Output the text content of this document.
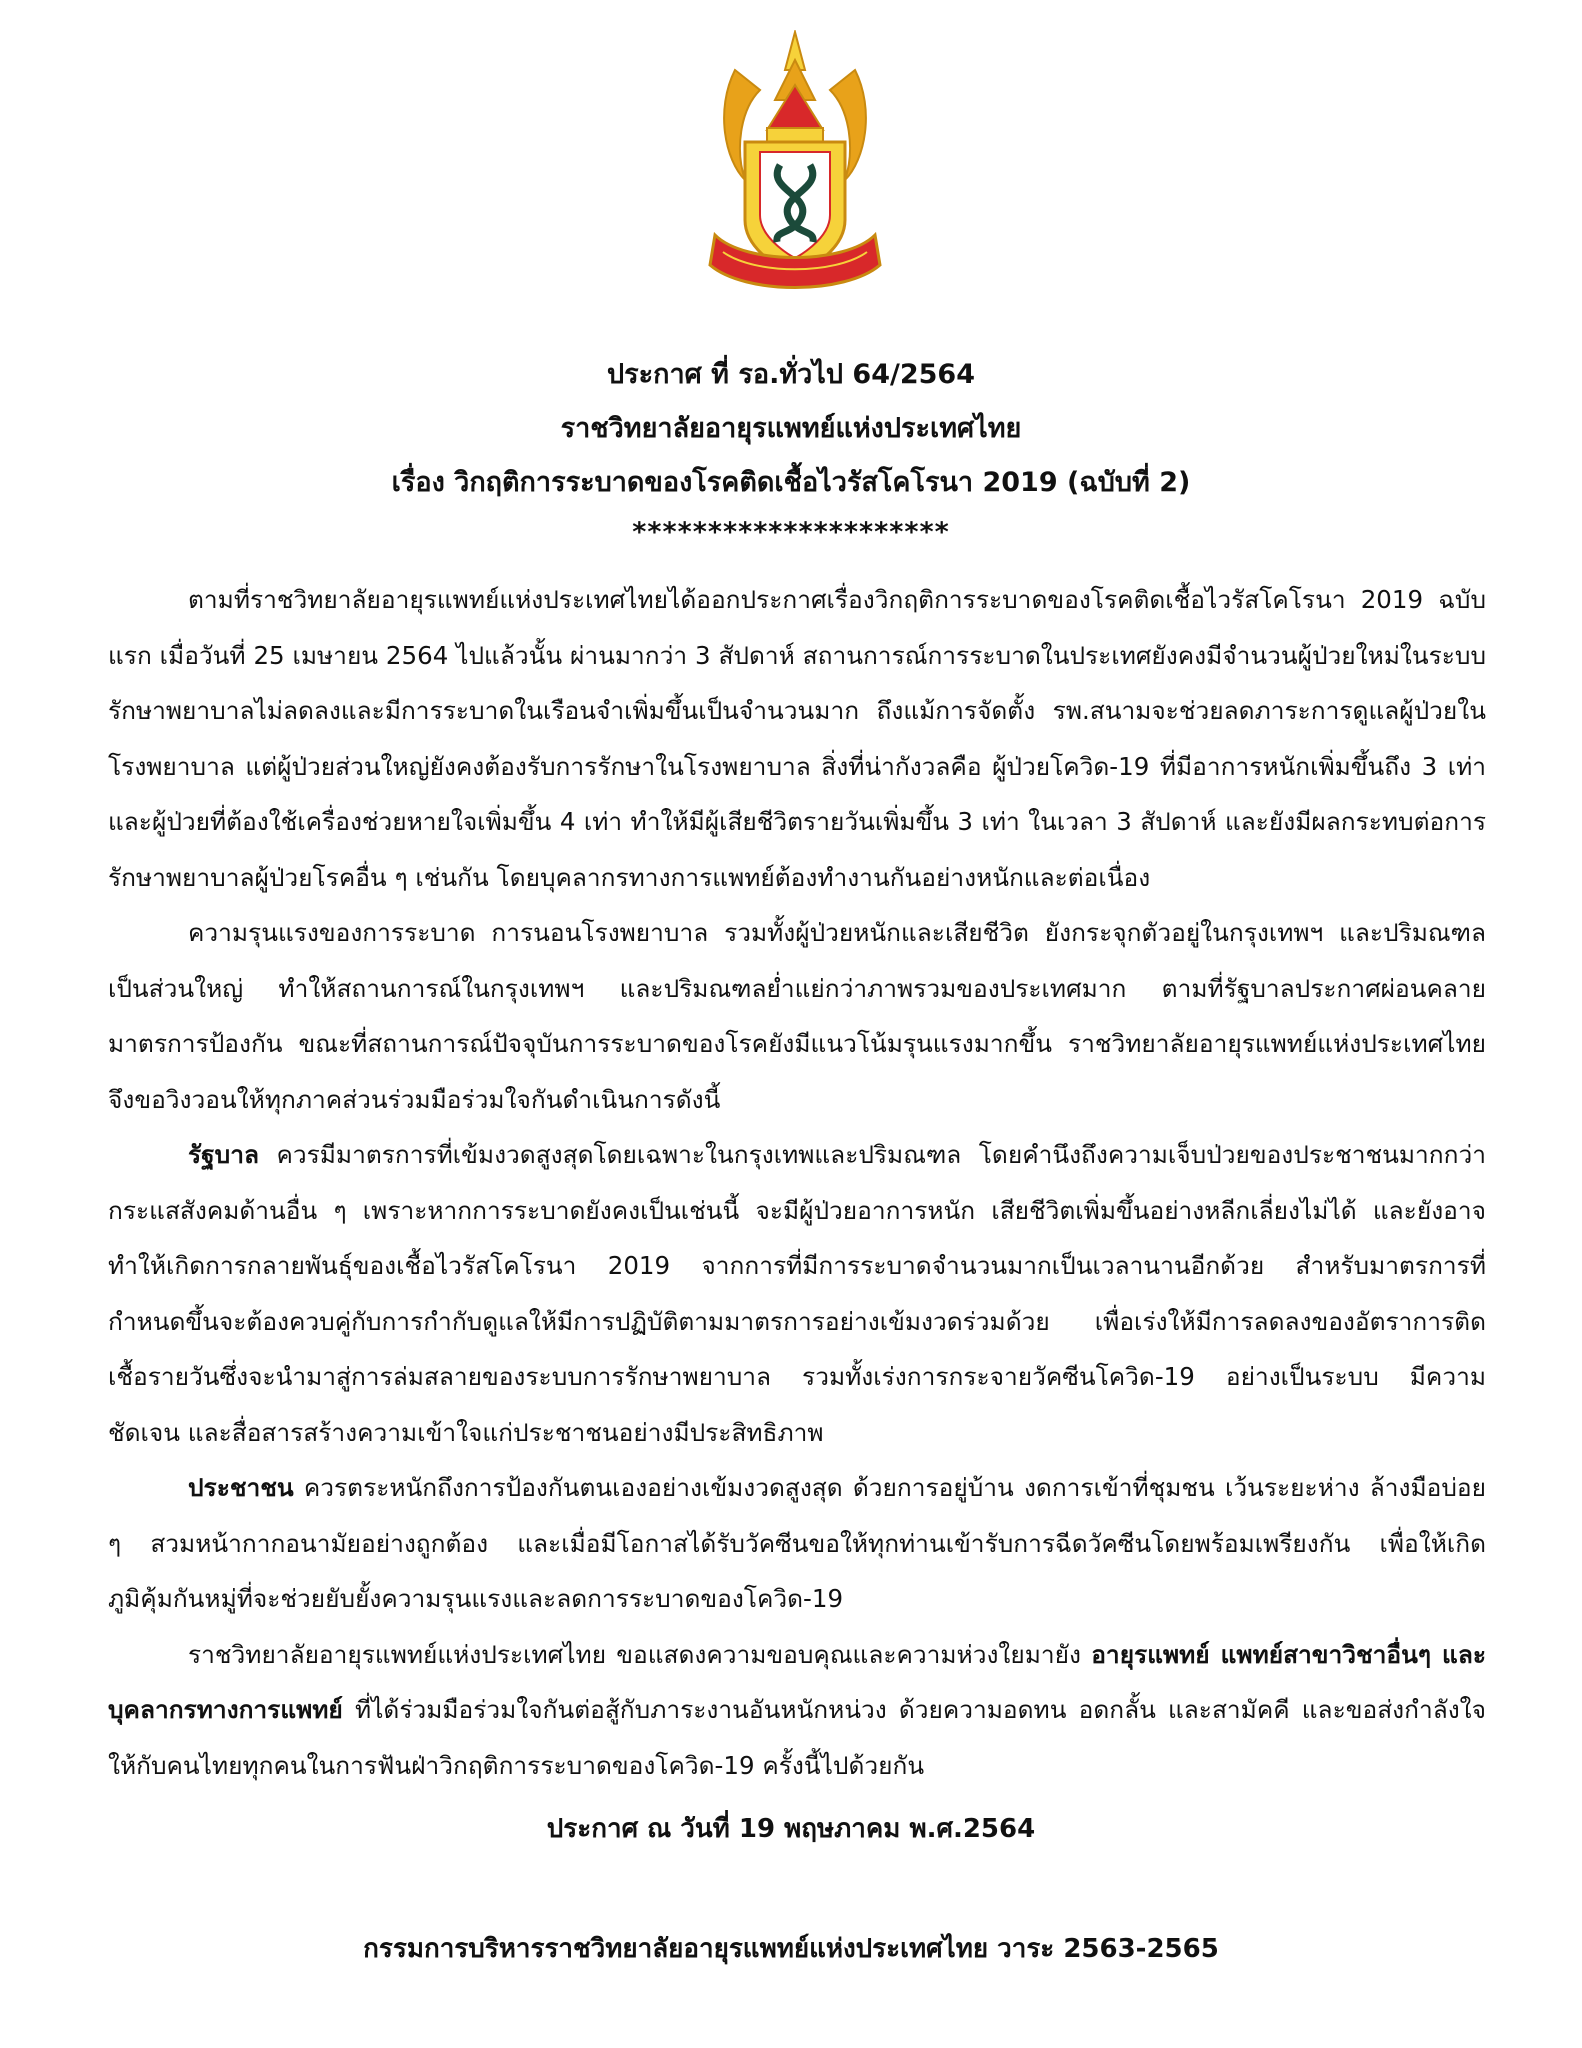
ประกาศ ที่ รอ.ทั่วไป 64/2564
ราชวิทยาลัยอายุรแพทย์แห่งประเทศไทย
เรื่อง วิกฤติการระบาดของโรคติดเชื้อไวรัสโคโรนา 2019 (ฉบับที่ 2)
*********************

ตามที่ราชวิทยาลัยอายุรแพทย์แห่งประเทศไทยได้ออกประกาศเรื่องวิกฤติการระบาดของโรคติดเชื้อไวรัสโคโรนา 2019 ฉบับแรก เมื่อวันที่ 25 เมษายน 2564 ไปแล้วนั้น ผ่านมากว่า 3 สัปดาห์ สถานการณ์การระบาดในประเทศยังคงมีจำนวนผู้ป่วยใหม่ในระบบรักษาพยาบาลไม่ลดลงและมีการระบาดในเรือนจำเพิ่มขึ้นเป็นจำนวนมาก ถึงแม้การจัดตั้ง รพ.สนามจะช่วยลดภาระการดูแลผู้ป่วยในโรงพยาบาล แต่ผู้ป่วยส่วนใหญ่ยังคงต้องรับการรักษาในโรงพยาบาล สิ่งที่น่ากังวลคือ ผู้ป่วยโควิด-19 ที่มีอาการหนักเพิ่มขึ้นถึง 3 เท่า และผู้ป่วยที่ต้องใช้เครื่องช่วยหายใจเพิ่มขึ้น 4 เท่า ทำให้มีผู้เสียชีวิตรายวันเพิ่มขึ้น 3 เท่า ในเวลา 3 สัปดาห์ และยังมีผลกระทบต่อการรักษาพยาบาลผู้ป่วยโรคอื่น ๆ เช่นกัน โดยบุคลากรทางการแพทย์ต้องทำงานกันอย่างหนักและต่อเนื่อง

ความรุนแรงของการระบาด การนอนโรงพยาบาล รวมทั้งผู้ป่วยหนักและเสียชีวิต ยังกระจุกตัวอยู่ในกรุงเทพฯ และปริมณฑลเป็นส่วนใหญ่ ทำให้สถานการณ์ในกรุงเทพฯ และปริมณฑลย่ำแย่กว่าภาพรวมของประเทศมาก ตามที่รัฐบาลประกาศผ่อนคลายมาตรการป้องกัน ขณะที่สถานการณ์ปัจจุบันการระบาดของโรคยังมีแนวโน้มรุนแรงมากขึ้น ราชวิทยาลัยอายุรแพทย์แห่งประเทศไทย จึงขอวิงวอนให้ทุกภาคส่วนร่วมมือร่วมใจกันดำเนินการดังนี้

รัฐบาล ควรมีมาตรการที่เข้มงวดสูงสุดโดยเฉพาะในกรุงเทพและปริมณฑล โดยคำนึงถึงความเจ็บป่วยของประชาชนมากกว่ากระแสสังคมด้านอื่น ๆ เพราะหากการระบาดยังคงเป็นเช่นนี้ จะมีผู้ป่วยอาการหนัก เสียชีวิตเพิ่มขึ้นอย่างหลีกเลี่ยงไม่ได้ และยังอาจทำให้เกิดการกลายพันธุ์ของเชื้อไวรัสโคโรนา 2019 จากการที่มีการระบาดจำนวนมากเป็นเวลานานอีกด้วย สำหรับมาตรการที่กำหนดขึ้นจะต้องควบคู่กับการกำกับดูแลให้มีการปฏิบัติตามมาตรการอย่างเข้มงวดร่วมด้วย เพื่อเร่งให้มีการลดลงของอัตราการติดเชื้อรายวันซึ่งจะนำมาสู่การล่มสลายของระบบการรักษาพยาบาล รวมทั้งเร่งการกระจายวัคซีนโควิด-19 อย่างเป็นระบบ มีความชัดเจน และสื่อสารสร้างความเข้าใจแก่ประชาชนอย่างมีประสิทธิภาพ

ประชาชน ควรตระหนักถึงการป้องกันตนเองอย่างเข้มงวดสูงสุด ด้วยการอยู่บ้าน งดการเข้าที่ชุมชน เว้นระยะห่าง ล้างมือบ่อย ๆ สวมหน้ากากอนามัยอย่างถูกต้อง และเมื่อมีโอกาสได้รับวัคซีนขอให้ทุกท่านเข้ารับการฉีดวัคซีนโดยพร้อมเพรียงกัน เพื่อให้เกิดภูมิคุ้มกันหมู่ที่จะช่วยยับยั้งความรุนแรงและลดการระบาดของโควิด-19

ราชวิทยาลัยอายุรแพทย์แห่งประเทศไทย ขอแสดงความขอบคุณและความห่วงใยมายัง อายุรแพทย์ แพทย์สาขาวิชาอื่นๆ และบุคลากรทางการแพทย์ ที่ได้ร่วมมือร่วมใจกันต่อสู้กับภาระงานอันหนักหน่วง ด้วยความอดทน อดกลั้น และสามัคคี และขอส่งกำลังใจให้กับคนไทยทุกคนในการฟันฝ่าวิกฤติการระบาดของโควิด-19 ครั้งนี้ไปด้วยกัน

ประกาศ ณ วันที่ 19 พฤษภาคม พ.ศ.2564
กรรมการบริหารราชวิทยาลัยอายุรแพทย์แห่งประเทศไทย วาระ 2563-2565
